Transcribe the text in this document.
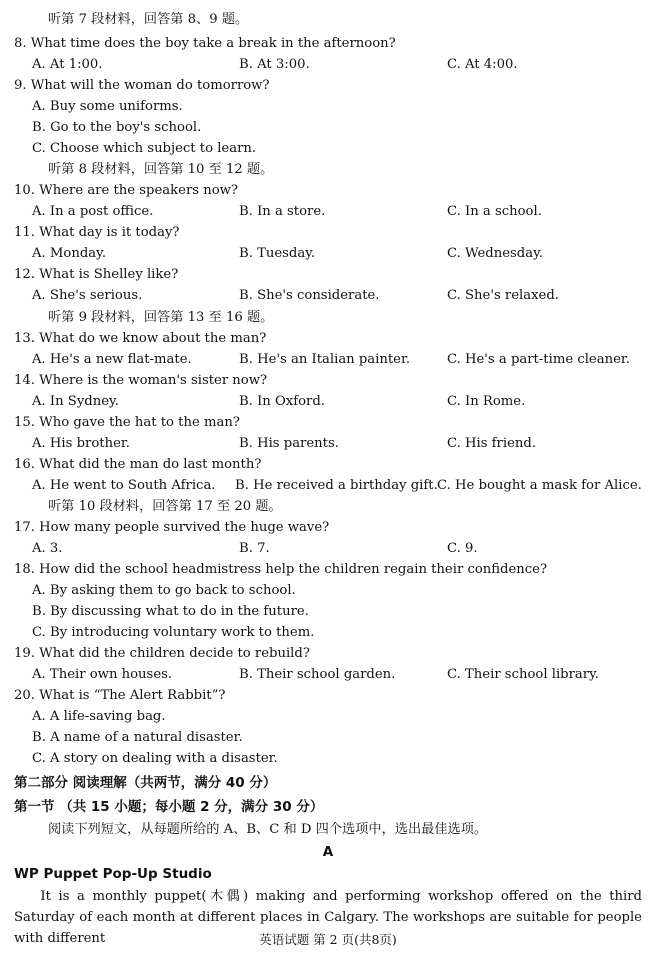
听第 7 段材料，回答第 8、9 题。
8. What time does the boy take a break in the afternoon?
A. At 1:00.	B. At 3:00.	C. At 4:00.
9. What will the woman do tomorrow?
A. Buy some uniforms.
B. Go to the boy's school.
C. Choose which subject to learn.
听第 8 段材料，回答第 10 至 12 题。
10. Where are the speakers now?
A. In a post office.	B. In a store.	C. In a school.
11. What day is it today?
A. Monday.	B. Tuesday.	C. Wednesday.
12. What is Shelley like?
A. She's serious.	B. She's considerate.	C. She's relaxed.
听第 9 段材料，回答第 13 至 16 题。
13. What do we know about the man?
A. He's a new flat-mate.	B. He's an Italian painter.	C. He's a part-time cleaner.
14. Where is the woman's sister now?
A. In Sydney.	B. In Oxford.	C. In Rome.
15. Who gave the hat to the man?
A. His brother.	B. His parents.	C. His friend.
16. What did the man do last month?
A. He went to South Africa. B. He received a birthday gift. C. He bought a mask for Alice.
听第 10 段材料，回答第 17 至 20 题。
17. How many people survived the huge wave?
A. 3.	B. 7.	C. 9.
18. How did the school headmistress help the children regain their confidence?
A. By asking them to go back to school.
B. By discussing what to do in the future.
C. By introducing voluntary work to them.
19. What did the children decide to rebuild?
A. Their own houses.	B. Their school garden.	C. Their school library.
20. What is “The Alert Rabbit”?
A. A life-saving bag.
B. A name of a natural disaster.
C. A story on dealing with a disaster.
第二部分 阅读理解（共两节，满分 40 分）
第一节 （共 15 小题；每小题 2 分，满分 30 分）
阅读下列短文，从每题所给的 A、B、C 和 D 四个选项中，选出最佳选项。
A
WP Puppet Pop-Up Studio
It is a monthly puppet(木偶) making and performing workshop offered on the third Saturday of each month at different places in Calgary. The workshops are suitable for people with different	英语试题 第 2 页(共8页)
